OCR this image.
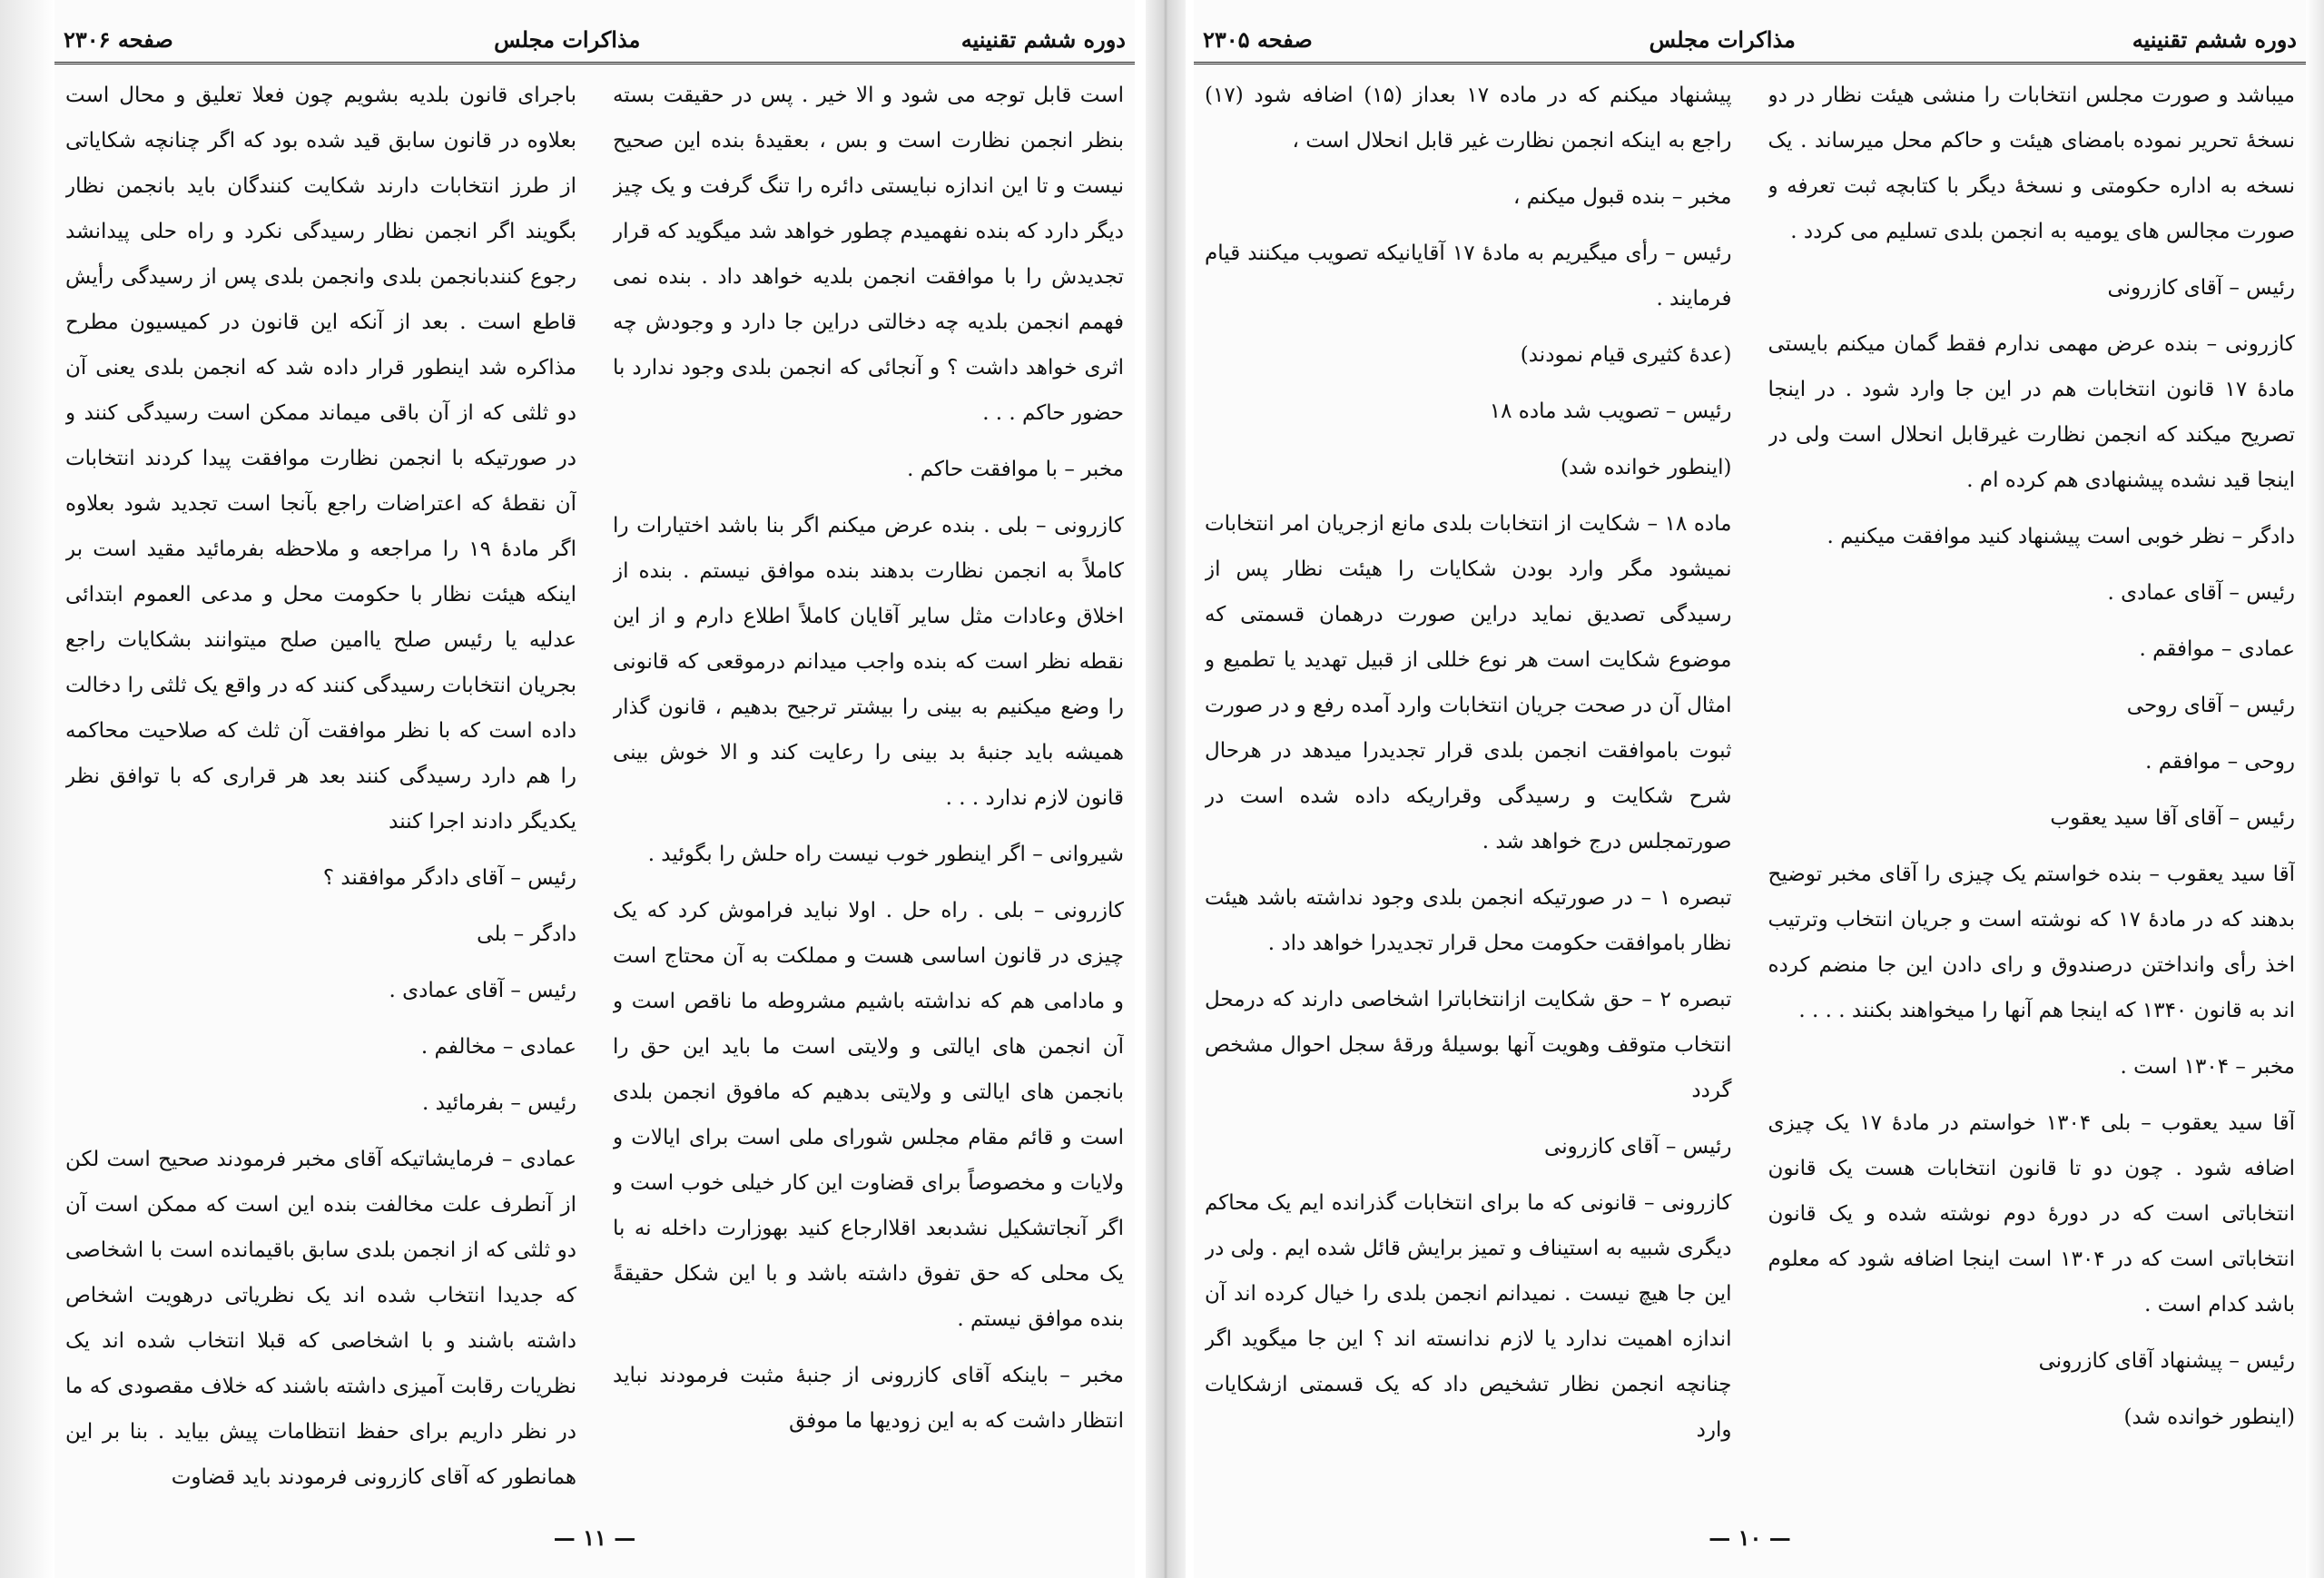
دوره ششم تقنینیه
مذاکرات مجلس
صفحه ۲۳۰۶

است قابل توجه می شود و الا خیر . پس در حقیقت بسته بنظر انجمن نظارت است و بس ، بعقیدهٔ بنده این صحیح نیست و تا این اندازه نبایستی دائره را تنگ گرفت و یک چیز دیگر دارد که بنده نفهمیدم چطور خواهد شد میگوید که قرار تجدیدش را با موافقت انجمن بلدیه خواهد داد . بنده نمی فهمم انجمن بلدیه چه دخالتی دراین جا دارد و وجودش چه اثری خواهد داشت ؟ و آنجائی که انجمن بلدی وجود ندارد با حضور حاکم . . .

مخبر – با موافقت حاکم .

کازرونی – بلی . بنده عرض میکنم اگر بنا باشد اختیارات را کاملاً به انجمن نظارت بدهند بنده موافق نیستم . بنده از اخلاق وعادات مثل سایر آقایان کاملاً اطلاع دارم و از این نقطه نظر است که بنده واجب میدانم درموقعی که قانونی را وضع میکنیم به بینی را بیشتر ترجیح بدهیم ، قانون گذار همیشه باید جنبهٔ بد بینی را رعایت کند و الا خوش بینی قانون لازم ندارد . . .

شیروانی – اگر اینطور خوب نیست راه حلش را بگوئید .

کازرونی – بلی . راه حل . اولا نباید فراموش کرد که یک چیزی در قانون اساسی هست و مملکت به آن محتاج است و مادامی هم که نداشته باشیم مشروطه ما ناقص است و آن انجمن های ایالتی و ولایتی است ما باید این حق را بانجمن های ایالتی و ولایتی بدهیم که مافوق انجمن بلدی است و قائم مقام مجلس شورای ملی است برای ایالات و ولایات و مخصوصاً برای قضاوت این کار خیلی خوب است و اگر آنجاتشکیل نشدبعد اقلاارجاع کنید بهوزارت داخله نه با یک محلی که حق تفوق داشته باشد و با این شکل حقیقةً بنده موافق نیستم .

مخبر – باینکه آقای کازرونی از جنبهٔ مثبت فرمودند نباید انتظار داشت که به این زودیها ما موفق

باجرای قانون بلدیه بشویم چون فعلا تعلیق و محال است بعلاوه در قانون سابق قید شده بود که اگر چنانچه شکایاتی از طرز انتخابات دارند شکایت کنندگان باید بانجمن نظار بگویند اگر انجمن نظار رسیدگی نکرد و راه حلی پیدانشد رجوع کنندبانجمن بلدی وانجمن بلدی پس از رسیدگی رأیش قاطع است . بعد از آنکه این قانون در کمیسیون مطرح مذاکره شد اینطور قرار داده شد که انجمن بلدی یعنی آن دو ثلثی که از آن باقی میماند ممکن است رسیدگی کنند و در صورتیکه با انجمن نظارت موافقت پیدا کردند انتخابات آن نقطهٔ که اعتراضات راجع بآنجا است تجدید شود بعلاوه اگر مادهٔ ۱۹ را مراجعه و ملاحظه بفرمائید مقید است بر اینکه هیئت نظار با حکومت محل و مدعی العموم ابتدائی عدلیه یا رئیس صلح یاامین صلح میتوانند بشکایات راجع بجریان انتخابات رسیدگی کنند که در واقع یک ثلثی را دخالت داده است که با نظر موافقت آن ثلث که صلاحیت محاکمه را هم دارد رسیدگی کنند بعد هر قراری که با توافق نظر یکدیگر دادند اجرا کنند

رئیس – آقای دادگر موافقند ؟

دادگر – بلی

رئیس – آقای عمادی .

عمادی – مخالفم .

رئیس – بفرمائید .

عمادی – فرمایشاتیکه آقای مخبر فرمودند صحیح است لکن از آنطرف علت مخالفت بنده این است که ممکن است آن دو ثلثی که از انجمن بلدی سابق باقیمانده است با اشخاصی که جدیدا انتخاب شده اند یک نظریاتی درهویت اشخاص داشته باشند و با اشخاصی که قبلا انتخاب شده اند یک نظریات رقابت آمیزی داشته باشند که خلاف مقصودی که ما در نظر داریم برای حفظ انتظامات پیش بیاید . بنا بر این همانطور که آقای کازرونی فرمودند باید قضاوت

— ۱۱ —
دوره ششم تقنینیه
مذاکرات مجلس
صفحه ۲۳۰۵

میباشد و صورت مجلس انتخابات را منشی هیئت نظار در دو نسخهٔ تحریر نموده بامضای هیئت و حاکم محل میرساند . یک نسخه به اداره حکومتی و نسخهٔ دیگر با کتابچه ثبت تعرفه و صورت مجالس های یومیه به انجمن بلدی تسلیم می کردد .

رئیس – آقای کازرونی

کازرونی – بنده عرض مهمی ندارم فقط گمان میکنم بایستی مادهٔ ۱۷ قانون انتخابات هم در این جا وارد شود . در اینجا تصریح میکند که انجمن نظارت غیرقابل انحلال است ولی در اینجا قید نشده پیشنهادی هم کرده ام .

دادگر – نظر خوبی است پیشنهاد کنید موافقت میکنیم .

رئیس – آقای عمادی .

عمادی – موافقم .

رئیس – آقای روحی

روحی – موافقم .

رئیس – آقای آقا سید یعقوب

آقا سید یعقوب – بنده خواستم یک چیزی را آقای مخبر توضیح بدهند که در مادهٔ ۱۷ که نوشته است و جریان انتخاب وترتیب اخذ رأی وانداختن درصندوق و رای دادن این جا منضم کرده اند به قانون ۱۳۴۰ که اینجا هم آنها را میخواهند بکنند . . . .

مخبر – ۱۳۰۴ است .

آقا سید یعقوب – بلی ۱۳۰۴ خواستم در مادهٔ ۱۷ یک چیزی اضافه شود . چون دو تا قانون انتخابات هست یک قانون انتخاباتی است که در دورهٔ دوم نوشته شده و یک قانون انتخاباتی است که در ۱۳۰۴ است اینجا اضافه شود که معلوم باشد کدام است .

رئیس – پیشنهاد آقای کازرونی

(اینطور خوانده شد)

پیشنهاد میکنم که در ماده ۱۷ بعداز (۱۵) اضافه شود (۱۷) راجع به اینکه انجمن نظارت غیر قابل انحلال است ،

مخبر – بنده قبول میکنم ،

رئیس – رأی میگیریم به مادهٔ ۱۷ آقایانیکه تصویب میکنند قیام فرمایند .

(عدهٔ کثیری قیام نمودند)

رئیس – تصویب شد ماده ۱۸

(اینطور خوانده شد)

ماده ۱۸ – شکایت از انتخابات بلدی مانع ازجریان امر انتخابات نمیشود مگر وارد بودن شکایات را هیئت نظار پس از رسیدگی تصدیق نماید دراین صورت درهمان قسمتی که موضوع شکایت است هر نوع خللی از قبیل تهدید یا تطمیع و امثال آن در صحت جریان انتخابات وارد آمده رفع و در صورت ثبوت باموافقت انجمن بلدی قرار تجدیدرا میدهد در هرحال شرح شکایت و رسیدگی وقراریکه داده شده است در صورتمجلس درج خواهد شد .

تبصره ۱ – در صورتیکه انجمن بلدی وجود نداشته باشد هیئت نظار باموافقت حکومت محل قرار تجدیدرا خواهد داد .

تبصره ۲ – حق شکایت ازانتخاباترا اشخاصی دارند که درمحل انتخاب متوقف وهویت آنها بوسیلهٔ ورقهٔ سجل احوال مشخص گردد

رئیس – آقای کازرونی

کازرونی – قانونی که ما برای انتخابات گذرانده ایم یک محاکم دیگری شبیه به استیناف و تمیز برایش قائل شده ایم . ولی در این جا هیچ نیست . نمیدانم انجمن بلدی را خیال کرده اند آن اندازه اهمیت ندارد یا لازم ندانسته اند ؟ این جا میگوید اگر چنانچه انجمن نظار تشخیص داد که یک قسمتی ازشکایات وارد

— ۱۰ —
